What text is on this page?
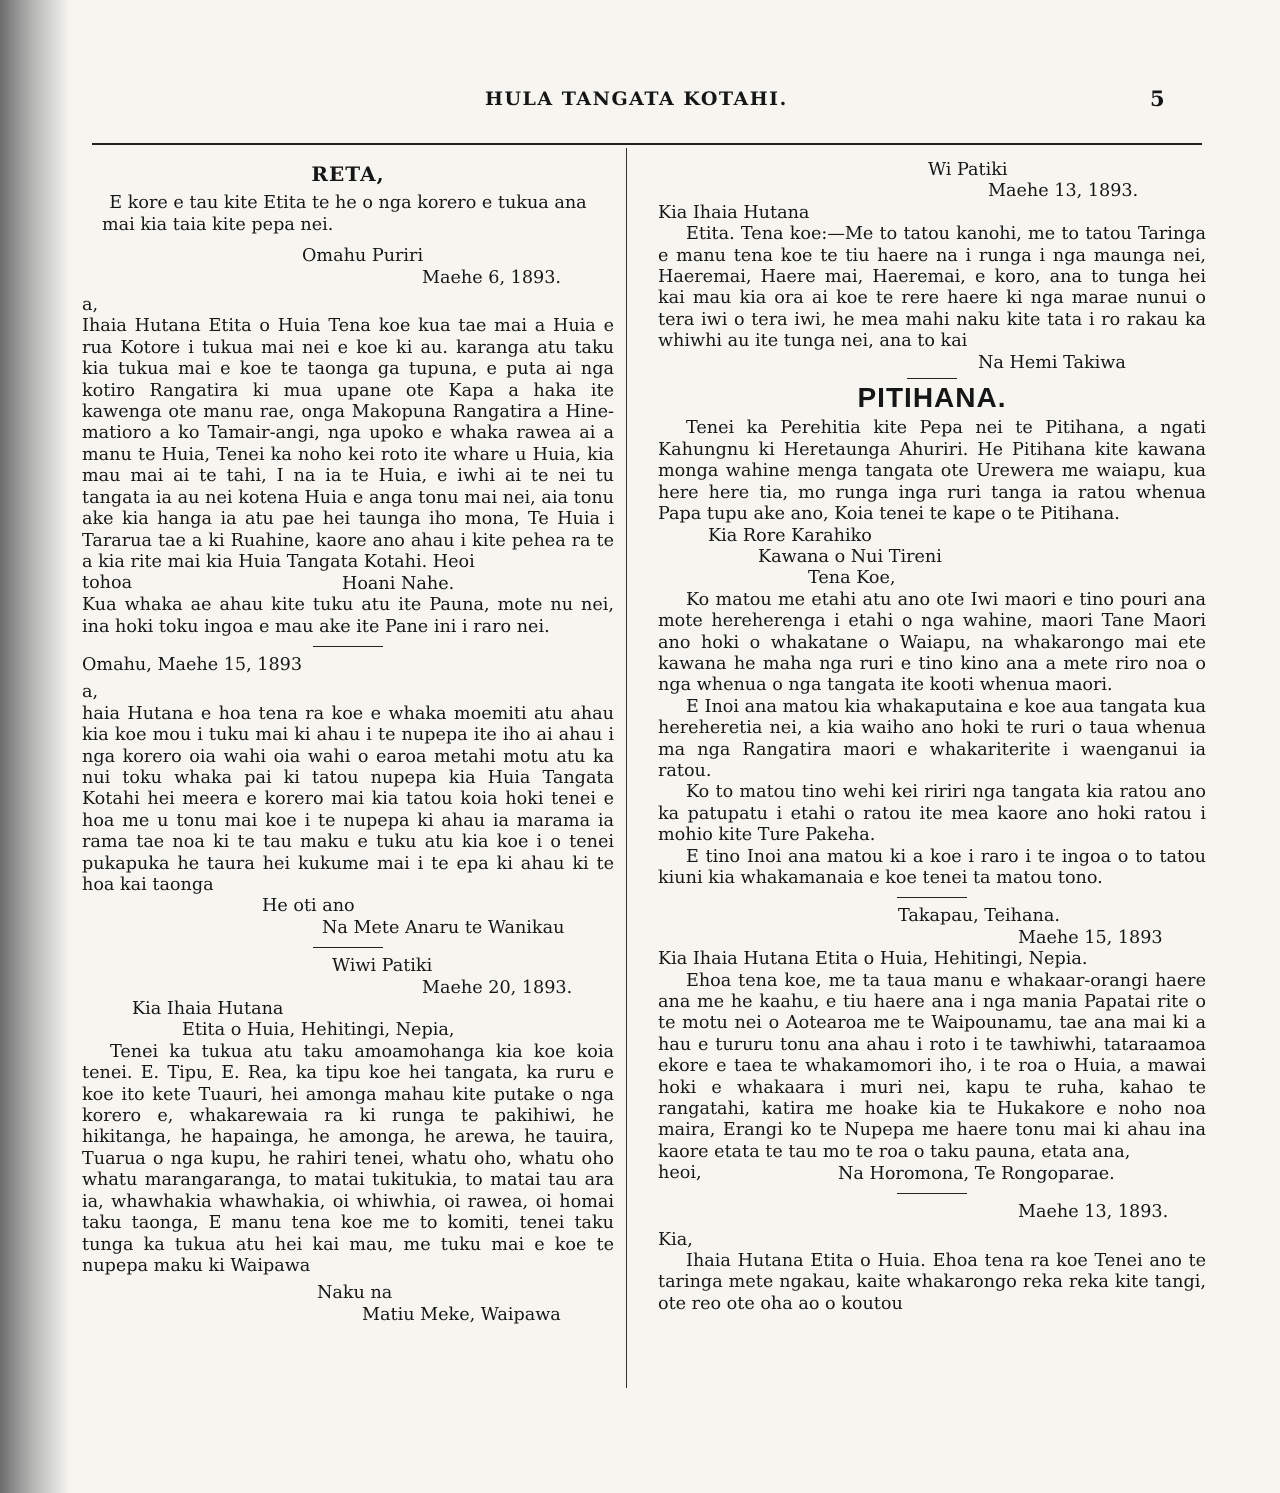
HULA TANGATA KOTAHI.	5
RETA,

E kore e tau kite Etita te he o nga korero e tukua ana mai kia taia kite pepa nei.

Omahu Puriri

Maehe 6, 1893.

a,

Ihaia Hutana Etita o Huia Tena koe kua tae mai a Huia e rua Kotore i tukua mai nei e koe ki au. karanga atu taku kia tukua mai e koe te taonga ga tupuna, e puta ai nga kotiro Rangatira ki mua upane ote Kapa a haka ite kawenga ote manu rae, onga Makopuna Rangatira a Hine-matioro a ko Tamair-angi, nga upoko e whaka rawea ai a manu te Huia, Tenei ka noho kei roto ite whare u Huia, kia mau mai ai te tahi, I na ia te Huia, e iwhi ai te nei tu tangata ia au nei kotena Huia e anga tonu mai nei, aia tonu ake kia hanga ia atu pae hei taunga iho mona, Te Huia i Tararua tae a ki Ruahine, kaore ano ahau i kite pehea ra te a kia rite mai kia Huia Tangata Kotahi. Heoi

tohoa	Hoani Nahe.

Kua whaka ae ahau kite tuku atu ite Pauna, mote nu nei, ina hoki toku ingoa e mau ake ite Pane ini i raro nei.

Omahu, Maehe 15, 1893

a,

haia Hutana e hoa tena ra koe e whaka moemiti atu ahau kia koe mou i tuku mai ki ahau i te nupepa ite iho ai ahau i nga korero oia wahi oia wahi o earoa metahi motu atu ka nui toku whaka pai ki tatou nupepa kia Huia Tangata Kotahi hei meera e korero mai kia tatou koia hoki tenei e hoa me u tonu mai koe i te nupepa ki ahau ia marama ia rama tae noa ki te tau maku e tuku atu kia koe i o tenei pukapuka he taura hei kukume mai i te epa ki ahau ki te hoa kai taonga

He oti ano

Na Mete Anaru te Wanikau

Wiwi Patiki

Maehe 20, 1893.

Kia Ihaia Hutana

Etita o Huia, Hehitingi, Nepia,

Tenei ka tukua atu taku amoamohanga kia koe koia tenei. E. Tipu, E. Rea, ka tipu koe hei tangata, ka ruru e koe ito kete Tuauri, hei amonga mahau kite putake o nga korero e, whakarewaia ra ki runga te pakihiwi, he hikitanga, he hapainga, he amonga, he arewa, he tauira, Tuarua o nga kupu, he rahiri tenei, whatu oho, whatu oho whatu marangaranga, to matai tukitukia, to matai tau ara ia, whawhakia whawhakia, oi whiwhia, oi rawea, oi homai taku taonga, E manu tena koe me to komiti, tenei taku tunga ka tukua atu hei kai mau, me tuku mai e koe te nupepa maku ki Waipawa

Naku na

Matiu Meke, Waipawa

Wi Patiki

Maehe 13, 1893.

Kia Ihaia Hutana

Etita. Tena koe:—Me to tatou kanohi, me to tatou Taringa e manu tena koe te tiu haere na i runga i nga maunga nei, Haeremai, Haere mai, Haeremai, e koro, ana to tunga hei kai mau kia ora ai koe te rere haere ki nga marae nunui o tera iwi o tera iwi, he mea mahi naku kite tata i ro rakau ka whiwhi au ite tunga nei, ana to kai

Na Hemi Takiwa

PITIHANA.

Tenei ka Perehitia kite Pepa nei te Pitihana, a ngati Kahungnu ki Heretaunga Ahuriri. He Pitihana kite kawana monga wahine menga tangata ote Urewera me waiapu, kua here here tia, mo runga inga ruri tanga ia ratou whenua Papa tupu ake ano, Koia tenei te kape o te Pitihana.

Kia Rore Karahiko

Kawana o Nui Tireni

Tena Koe,

Ko matou me etahi atu ano ote Iwi maori e tino pouri ana mote hereherenga i etahi o nga wahine, maori Tane Maori ano hoki o whakatane o Waiapu, na whakarongo mai ete kawana he maha nga ruri e tino kino ana a mete riro noa o nga whenua o nga tangata ite kooti whenua maori.

E Inoi ana matou kia whakaputaina e koe aua tangata kua hereheretia nei, a kia waiho ano hoki te ruri o taua whenua ma nga Rangatira maori e whakariterite i waenganui ia ratou.

Ko to matou tino wehi kei ririri nga tangata kia ratou ano ka patupatu i etahi o ratou ite mea kaore ano hoki ratou i mohio kite Ture Pakeha.

E tino Inoi ana matou ki a koe i raro i te ingoa o to tatou kiuni kia whakamanaia e koe tenei ta matou tono.

Takapau, Teihana.

Maehe 15, 1893

Kia Ihaia Hutana Etita o Huia, Hehitingi, Nepia.

Ehoa tena koe, me ta taua manu e whakaar-orangi haere ana me he kaahu, e tiu haere ana i nga mania Papatai rite o te motu nei o Aotearoa me te Waipounamu, tae ana mai ki a hau e tururu tonu ana ahau i roto i te tawhiwhi, tataraamoa ekore e taea te whakamomori iho, i te roa o Huia, a mawai hoki e whakaara i muri nei, kapu te ruha, kahao te rangatahi, katira me hoake kia te Hukakore e noho noa maira, Erangi ko te Nupepa me haere tonu mai ki ahau ina kaore etata te tau mo te roa o taku pauna, etata ana,

heoi,	Na Horomona, Te Rongoparae.

Maehe 13, 1893.

Kia,

Ihaia Hutana Etita o Huia. Ehoa tena ra koe Tenei ano te taringa mete ngakau, kaite whakarongo reka reka kite tangi, ote reo ote oha ao o koutou
